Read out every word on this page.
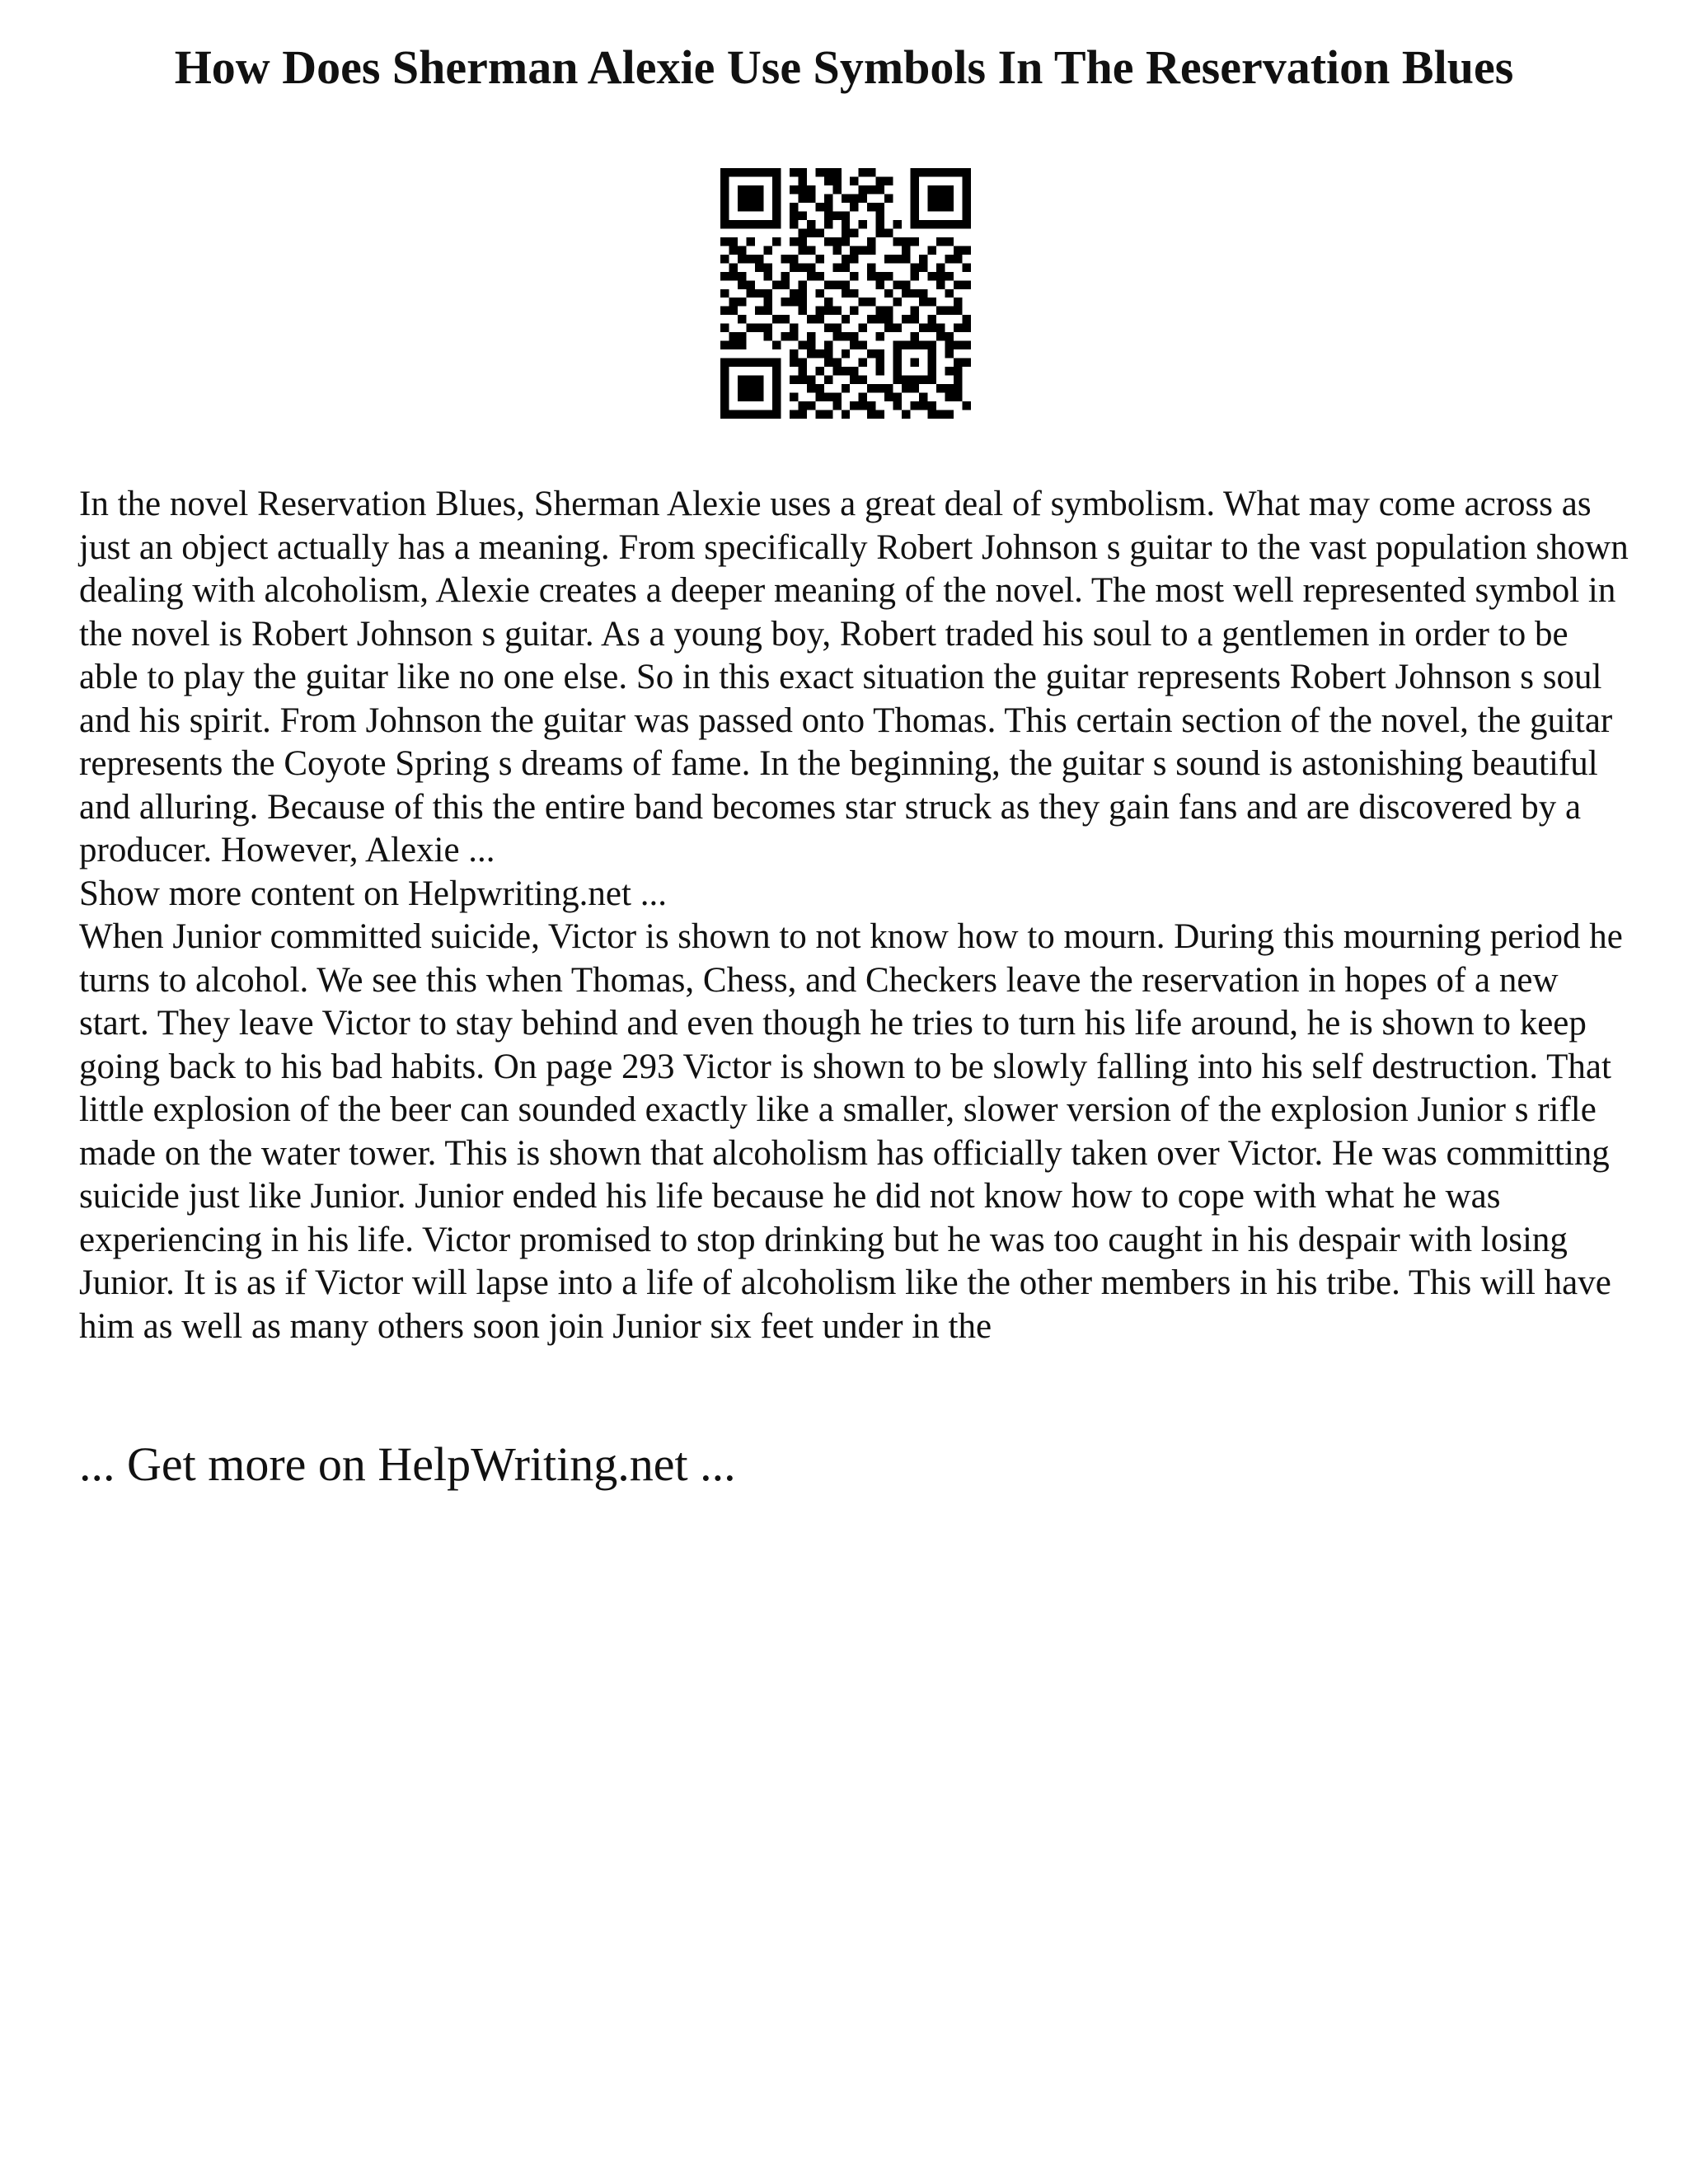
How Does Sherman Alexie Use Symbols In The Reservation Blues

In the novel Reservation Blues, Sherman Alexie uses a great deal of symbolism. What may come across as just an object actually has a meaning. From specifically Robert Johnson s guitar to the vast population shown dealing with alcoholism, Alexie creates a deeper meaning of the novel. The most well represented symbol in the novel is Robert Johnson s guitar. As a young boy, Robert traded his soul to a gentlemen in order to be able to play the guitar like no one else. So in this exact situation the guitar represents Robert Johnson s soul and his spirit. From Johnson the guitar was passed onto Thomas. This certain section of the novel, the guitar represents the Coyote Spring s dreams of fame. In the beginning, the guitar s sound is astonishing beautiful and alluring. Because of this the entire band becomes star struck as they gain fans and are discovered by a producer. However, Alexie ...

Show more content on Helpwriting.net ...

When Junior committed suicide, Victor is shown to not know how to mourn. During this mourning period he turns to alcohol. We see this when Thomas, Chess, and Checkers leave the reservation in hopes of a new start. They leave Victor to stay behind and even though he tries to turn his life around, he is shown to keep going back to his bad habits. On page 293 Victor is shown to be slowly falling into his self destruction. That little explosion of the beer can sounded exactly like a smaller, slower version of the explosion Junior s rifle made on the water tower. This is shown that alcoholism has officially taken over Victor. He was committing suicide just like Junior. Junior ended his life because he did not know how to cope with what he was experiencing in his life. Victor promised to stop drinking but he was too caught in his despair with losing Junior. It is as if Victor will lapse into a life of alcoholism like the other members in his tribe. This will have him as well as many others soon join Junior six feet under in the

... Get more on HelpWriting.net ...
